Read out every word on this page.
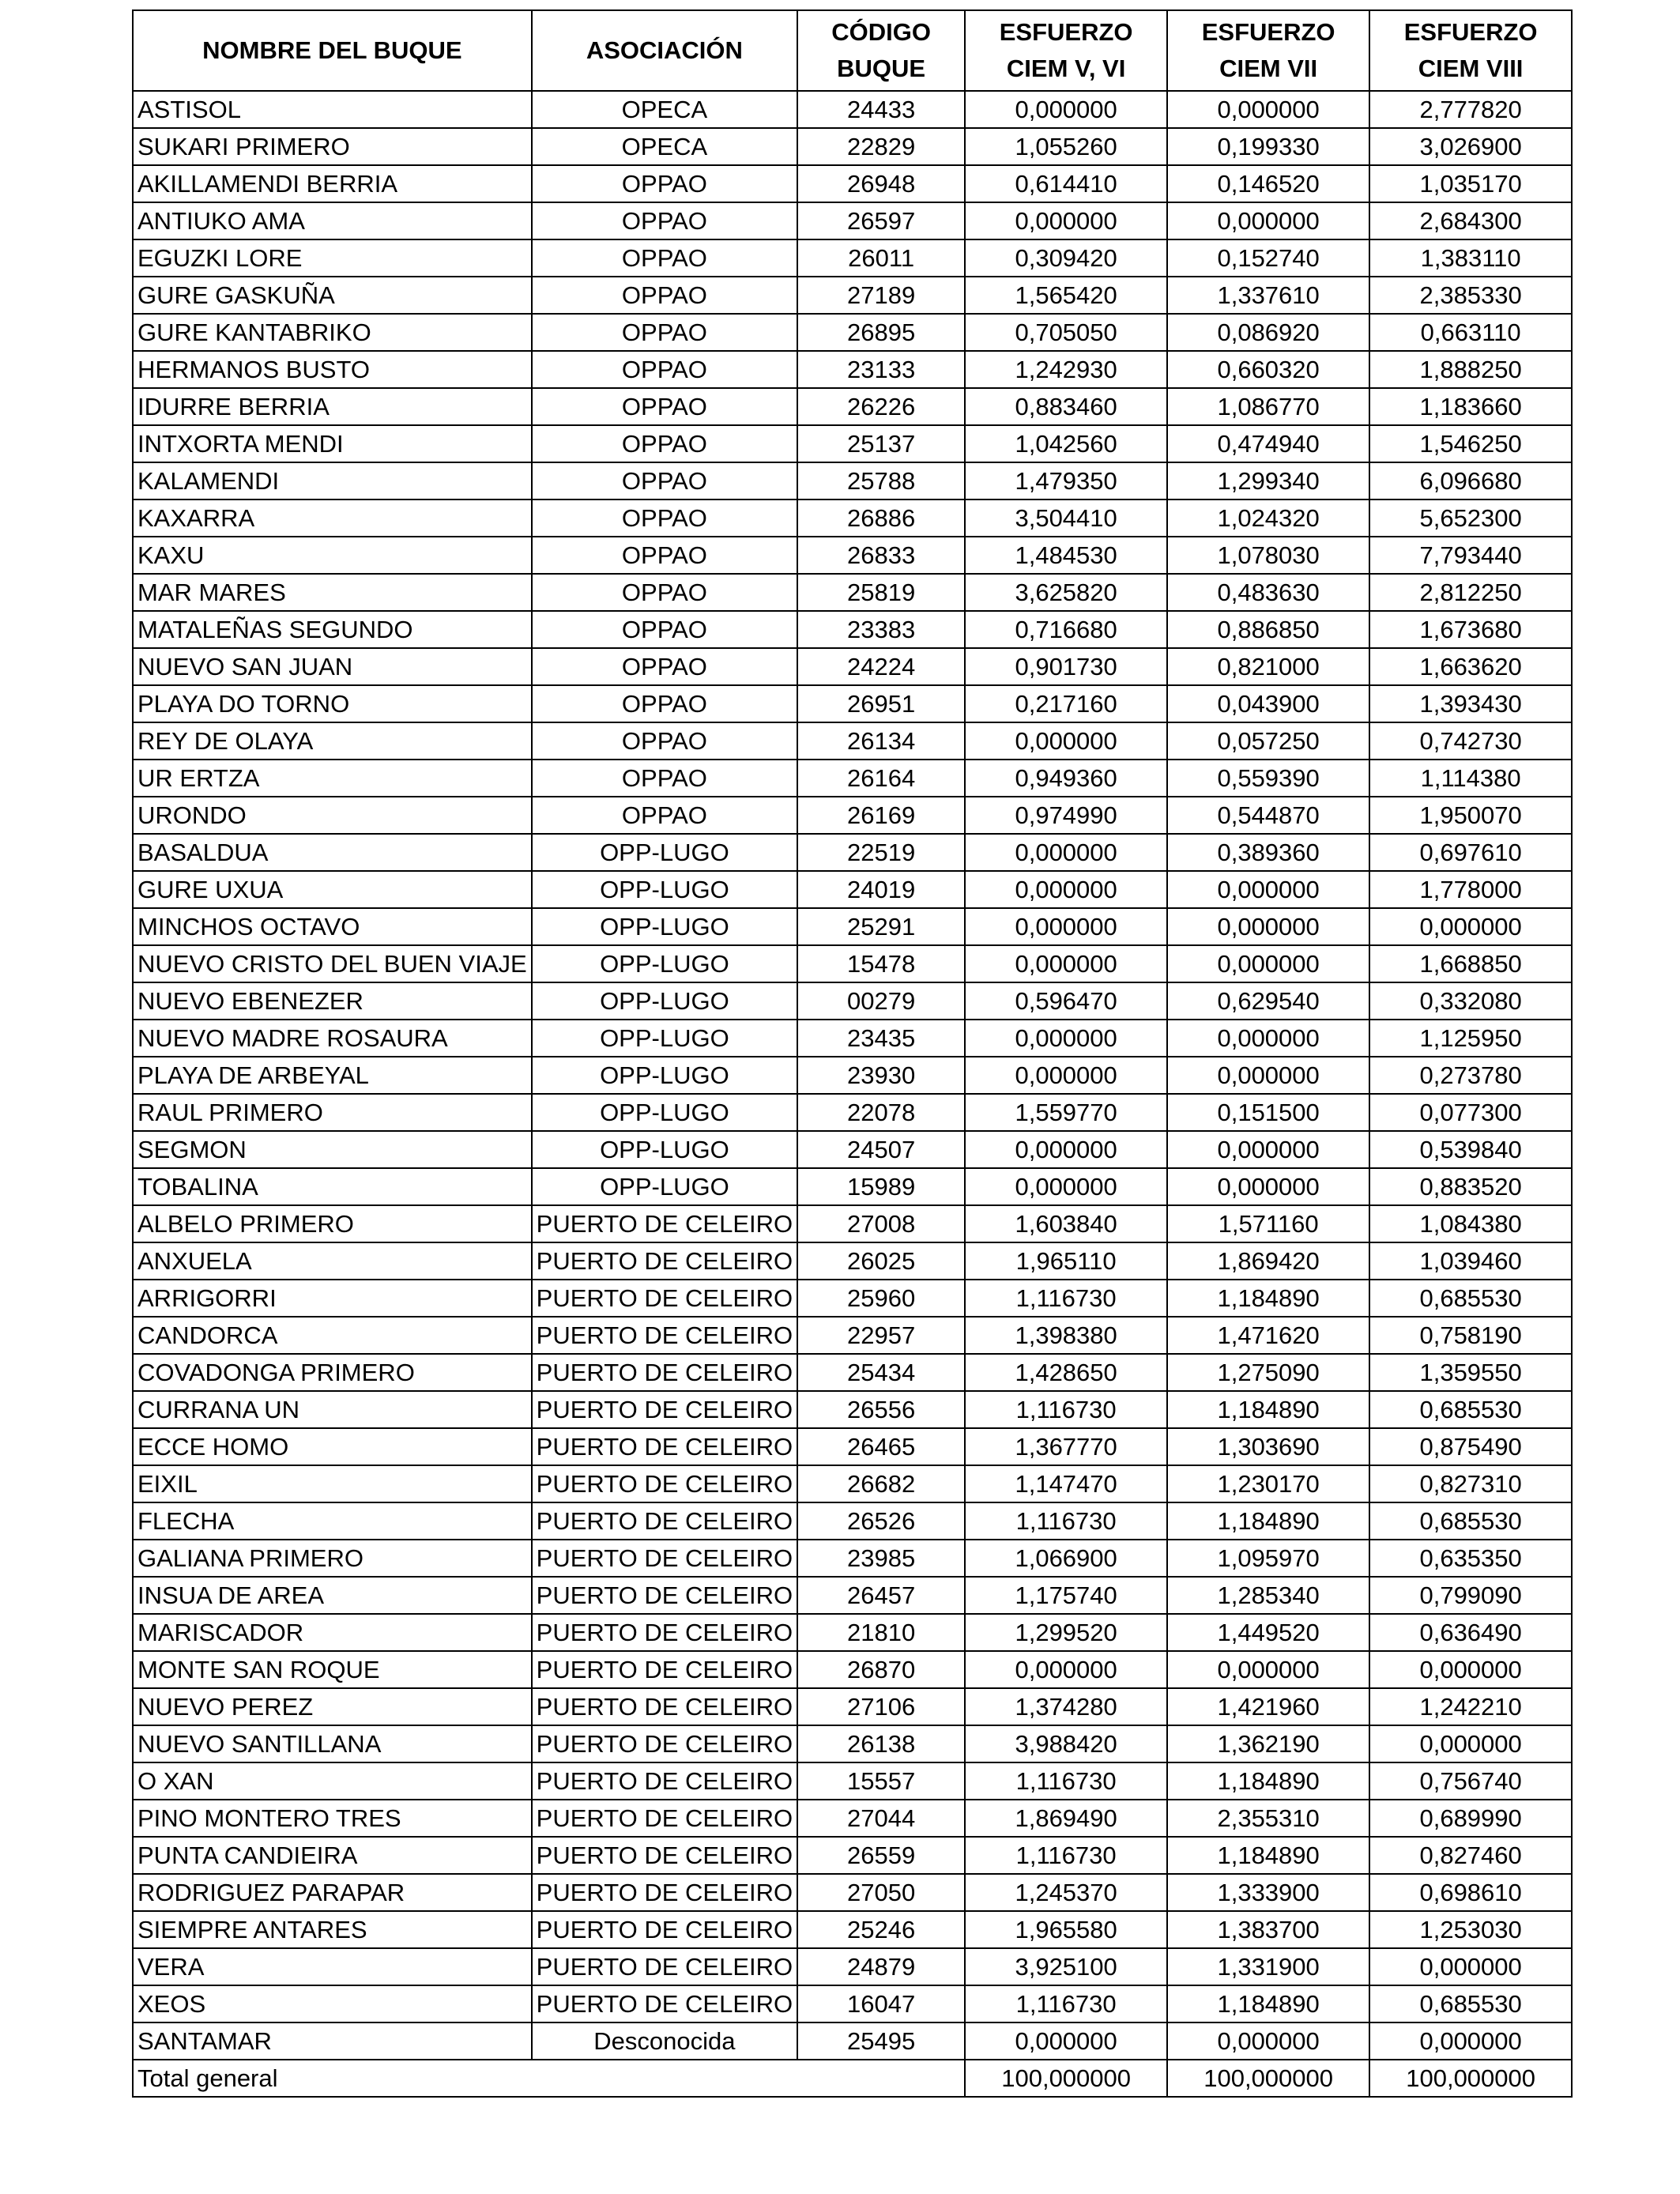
NOMBRE DEL BUQUE	ASOCIACIÓN	CÓDIGO BUQUE	ESFUERZO CIEM V, VI	ESFUERZO CIEM VII	ESFUERZO CIEM VIII
ASTISOL	OPECA	24433	0,000000	0,000000	2,777820
SUKARI PRIMERO	OPECA	22829	1,055260	0,199330	3,026900
AKILLAMENDI BERRIA	OPPAO	26948	0,614410	0,146520	1,035170
ANTIUKO AMA	OPPAO	26597	0,000000	0,000000	2,684300
EGUZKI LORE	OPPAO	26011	0,309420	0,152740	1,383110
GURE GASKUÑA	OPPAO	27189	1,565420	1,337610	2,385330
GURE KANTABRIKO	OPPAO	26895	0,705050	0,086920	0,663110
HERMANOS BUSTO	OPPAO	23133	1,242930	0,660320	1,888250
IDURRE BERRIA	OPPAO	26226	0,883460	1,086770	1,183660
INTXORTA MENDI	OPPAO	25137	1,042560	0,474940	1,546250
KALAMENDI	OPPAO	25788	1,479350	1,299340	6,096680
KAXARRA	OPPAO	26886	3,504410	1,024320	5,652300
KAXU	OPPAO	26833	1,484530	1,078030	7,793440
MAR MARES	OPPAO	25819	3,625820	0,483630	2,812250
MATALEÑAS SEGUNDO	OPPAO	23383	0,716680	0,886850	1,673680
NUEVO SAN JUAN	OPPAO	24224	0,901730	0,821000	1,663620
PLAYA DO TORNO	OPPAO	26951	0,217160	0,043900	1,393430
REY DE OLAYA	OPPAO	26134	0,000000	0,057250	0,742730
UR ERTZA	OPPAO	26164	0,949360	0,559390	1,114380
URONDO	OPPAO	26169	0,974990	0,544870	1,950070
BASALDUA	OPP-LUGO	22519	0,000000	0,389360	0,697610
GURE UXUA	OPP-LUGO	24019	0,000000	0,000000	1,778000
MINCHOS OCTAVO	OPP-LUGO	25291	0,000000	0,000000	0,000000
NUEVO CRISTO DEL BUEN VIAJE	OPP-LUGO	15478	0,000000	0,000000	1,668850
NUEVO EBENEZER	OPP-LUGO	00279	0,596470	0,629540	0,332080
NUEVO MADRE ROSAURA	OPP-LUGO	23435	0,000000	0,000000	1,125950
PLAYA DE ARBEYAL	OPP-LUGO	23930	0,000000	0,000000	0,273780
RAUL PRIMERO	OPP-LUGO	22078	1,559770	0,151500	0,077300
SEGMON	OPP-LUGO	24507	0,000000	0,000000	0,539840
TOBALINA	OPP-LUGO	15989	0,000000	0,000000	0,883520
ALBELO PRIMERO	PUERTO DE CELEIRO	27008	1,603840	1,571160	1,084380
ANXUELA	PUERTO DE CELEIRO	26025	1,965110	1,869420	1,039460
ARRIGORRI	PUERTO DE CELEIRO	25960	1,116730	1,184890	0,685530
CANDORCA	PUERTO DE CELEIRO	22957	1,398380	1,471620	0,758190
COVADONGA PRIMERO	PUERTO DE CELEIRO	25434	1,428650	1,275090	1,359550
CURRANA UN	PUERTO DE CELEIRO	26556	1,116730	1,184890	0,685530
ECCE HOMO	PUERTO DE CELEIRO	26465	1,367770	1,303690	0,875490
EIXIL	PUERTO DE CELEIRO	26682	1,147470	1,230170	0,827310
FLECHA	PUERTO DE CELEIRO	26526	1,116730	1,184890	0,685530
GALIANA PRIMERO	PUERTO DE CELEIRO	23985	1,066900	1,095970	0,635350
INSUA DE AREA	PUERTO DE CELEIRO	26457	1,175740	1,285340	0,799090
MARISCADOR	PUERTO DE CELEIRO	21810	1,299520	1,449520	0,636490
MONTE SAN ROQUE	PUERTO DE CELEIRO	26870	0,000000	0,000000	0,000000
NUEVO PEREZ	PUERTO DE CELEIRO	27106	1,374280	1,421960	1,242210
NUEVO SANTILLANA	PUERTO DE CELEIRO	26138	3,988420	1,362190	0,000000
O XAN	PUERTO DE CELEIRO	15557	1,116730	1,184890	0,756740
PINO MONTERO TRES	PUERTO DE CELEIRO	27044	1,869490	2,355310	0,689990
PUNTA CANDIEIRA	PUERTO DE CELEIRO	26559	1,116730	1,184890	0,827460
RODRIGUEZ PARAPAR	PUERTO DE CELEIRO	27050	1,245370	1,333900	0,698610
SIEMPRE ANTARES	PUERTO DE CELEIRO	25246	1,965580	1,383700	1,253030
VERA	PUERTO DE CELEIRO	24879	3,925100	1,331900	0,000000
XEOS	PUERTO DE CELEIRO	16047	1,116730	1,184890	0,685530
SANTAMAR	Desconocida	25495	0,000000	0,000000	0,000000
Total general			100,000000	100,000000	100,000000
